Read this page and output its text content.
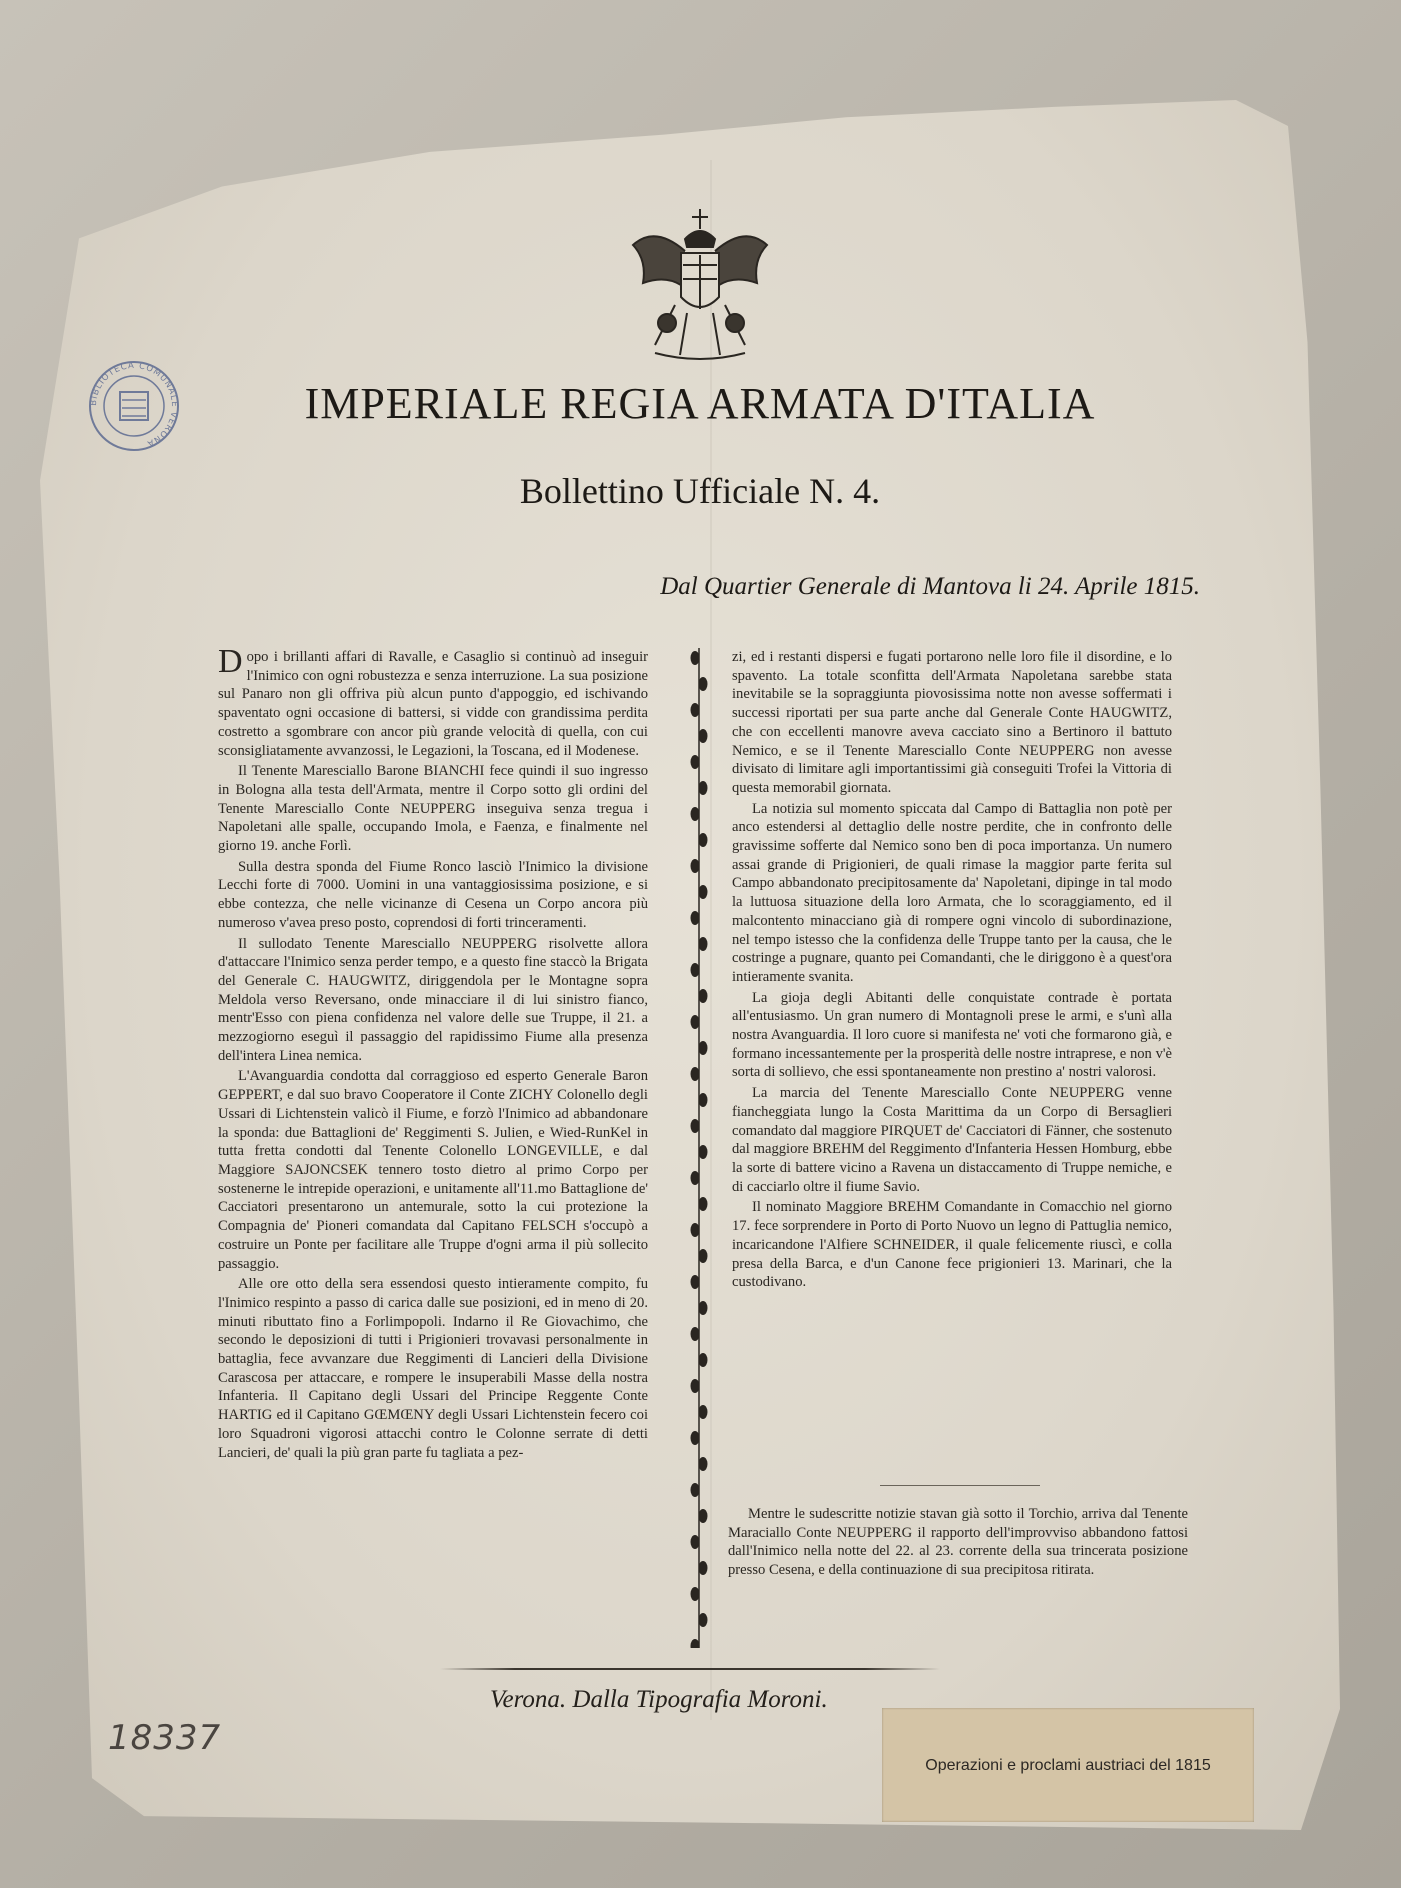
BIBLIOTECA COMUNALE VERONA
IMPERIALE REGIA ARMATA D'ITALIA
Bollettino Ufficiale N. 4.

Dal Quartier Generale di Mantova li 24. Aprile 1815.

Dopo i brillanti affari di Ravalle, e Casaglio si continuò ad inseguir l'Inimico con ogni robustezza e senza interruzione. La sua posizione sul Panaro non gli offriva più alcun punto d'appoggio, ed ischivando spaventato ogni occasione di battersi, si vidde con grandissima perdita costretto a sgombrare con ancor più grande velocità di quella, con cui sconsigliatamente avvanzossi, le Legazioni, la Toscana, ed il Modenese.

Il Tenente Maresciallo Barone BIANCHI fece quindi il suo ingresso in Bologna alla testa dell'Armata, mentre il Corpo sotto gli ordini del Tenente Maresciallo Conte NEUPPERG inseguiva senza tregua i Napoletani alle spalle, occupando Imola, e Faenza, e finalmente nel giorno 19. anche Forlì.

Sulla destra sponda del Fiume Ronco lasciò l'Inimico la divisione Lecchi forte di 7000. Uomini in una vantaggiosissima posizione, e si ebbe contezza, che nelle vicinanze di Cesena un Corpo ancora più numeroso v'avea preso posto, coprendosi di forti trinceramenti.

Il sullodato Tenente Maresciallo NEUPPERG risolvette allora d'attaccare l'Inimico senza perder tempo, e a questo fine staccò la Brigata del Generale C. HAUGWITZ, diriggendola per le Montagne sopra Meldola verso Reversano, onde minacciare il di lui sinistro fianco, mentr'Esso con piena confidenza nel valore delle sue Truppe, il 21. a mezzogiorno eseguì il passaggio del rapidissimo Fiume alla presenza dell'intera Linea nemica.

L'Avanguardia condotta dal corraggioso ed esperto Generale Baron GEPPERT, e dal suo bravo Cooperatore il Conte ZICHY Colonello degli Ussari di Lichtenstein valicò il Fiume, e forzò l'Inimico ad abbandonare la sponda: due Battaglioni de' Reggimenti S. Julien, e Wied-RunKel in tutta fretta condotti dal Tenente Colonello LONGEVILLE, e dal Maggiore SAJONCSEK tennero tosto dietro al primo Corpo per sostenerne le intrepide operazioni, e unitamente all'11.mo Battaglione de' Cacciatori presentarono un antemurale, sotto la cui protezione la Compagnia de' Pioneri comandata dal Capitano FELSCH s'occupò a costruire un Ponte per facilitare alle Truppe d'ogni arma il più sollecito passaggio.

Alle ore otto della sera essendosi questo intieramente compito, fu l'Inimico respinto a passo di carica dalle sue posizioni, ed in meno di 20. minuti ributtato fino a Forlimpopoli. Indarno il Re Giovachimo, che secondo le deposizioni di tutti i Prigionieri trovavasi personalmente in battaglia, fece avvanzare due Reggimenti di Lancieri della Divisione Carascosa per attaccare, e rompere le insuperabili Masse della nostra Infanteria. Il Capitano degli Ussari del Principe Reggente Conte HARTIG ed il Capitano GŒMŒNY degli Ussari Lichtenstein fecero coi loro Squadroni vigorosi attacchi contro le Colonne serrate di detti Lancieri, de' quali la più gran parte fu tagliata a pez-

zi, ed i restanti dispersi e fugati portarono nelle loro file il disordine, e lo spavento. La totale sconfitta dell'Armata Napoletana sarebbe stata inevitabile se la sopraggiunta piovosissima notte non avesse soffermati i successi riportati per sua parte anche dal Generale Conte HAUGWITZ, che con eccellenti manovre aveva cacciato sino a Bertinoro il battuto Nemico, e se il Tenente Maresciallo Conte NEUPPERG non avesse divisato di limitare agli importantissimi già conseguiti Trofei la Vittoria di questa memorabil giornata.

La notizia sul momento spiccata dal Campo di Battaglia non potè per anco estendersi al dettaglio delle nostre perdite, che in confronto delle gravissime sofferte dal Nemico sono ben di poca importanza. Un numero assai grande di Prigionieri, de quali rimase la maggior parte ferita sul Campo abbandonato precipitosamente da' Napoletani, dipinge in tal modo la luttuosa situazione della loro Armata, che lo scoraggiamento, ed il malcontento minacciano già di rompere ogni vincolo di subordinazione, nel tempo istesso che la confidenza delle Truppe tanto per la causa, che le costringe a pugnare, quanto pei Comandanti, che le diriggono è a quest'ora intieramente svanita.

La gioja degli Abitanti delle conquistate contrade è portata all'entusiasmo. Un gran numero di Montagnoli prese le armi, e s'unì alla nostra Avanguardia. Il loro cuore si manifesta ne' voti che formarono già, e formano incessantemente per la prosperità delle nostre intraprese, e non v'è sorta di sollievo, che essi spontaneamente non prestino a' nostri valorosi.

La marcia del Tenente Maresciallo Conte NEUPPERG venne fiancheggiata lungo la Costa Marittima da un Corpo di Bersaglieri comandato dal maggiore PIRQUET de' Cacciatori di Fänner, che sostenuto dal maggiore BREHM del Reggimento d'Infanteria Hessen Homburg, ebbe la sorte di battere vicino a Ravena un distaccamento di Truppe nemiche, e di cacciarlo oltre il fiume Savio.

Il nominato Maggiore BREHM Comandante in Comacchio nel giorno 17. fece sorprendere in Porto di Porto Nuovo un legno di Pattuglia nemico, incaricandone l'Alfiere SCHNEIDER, il quale felicemente riuscì, e colla presa della Barca, e d'un Canone fece prigionieri 13. Marinari, che la custodivano.

Mentre le sudescritte notizie stavan già sotto il Torchio, arriva dal Tenente Maraciallo Conte NEUPPERG il rapporto dell'improvviso abbandono fattosi dall'Inimico nella notte del 22. al 23. corrente della sua trincerata posizione presso Cesena, e della continuazione di sua precipitosa ritirata.

Verona. Dalla Tipografia Moroni.

18337

Operazioni e proclami austriaci del 1815
